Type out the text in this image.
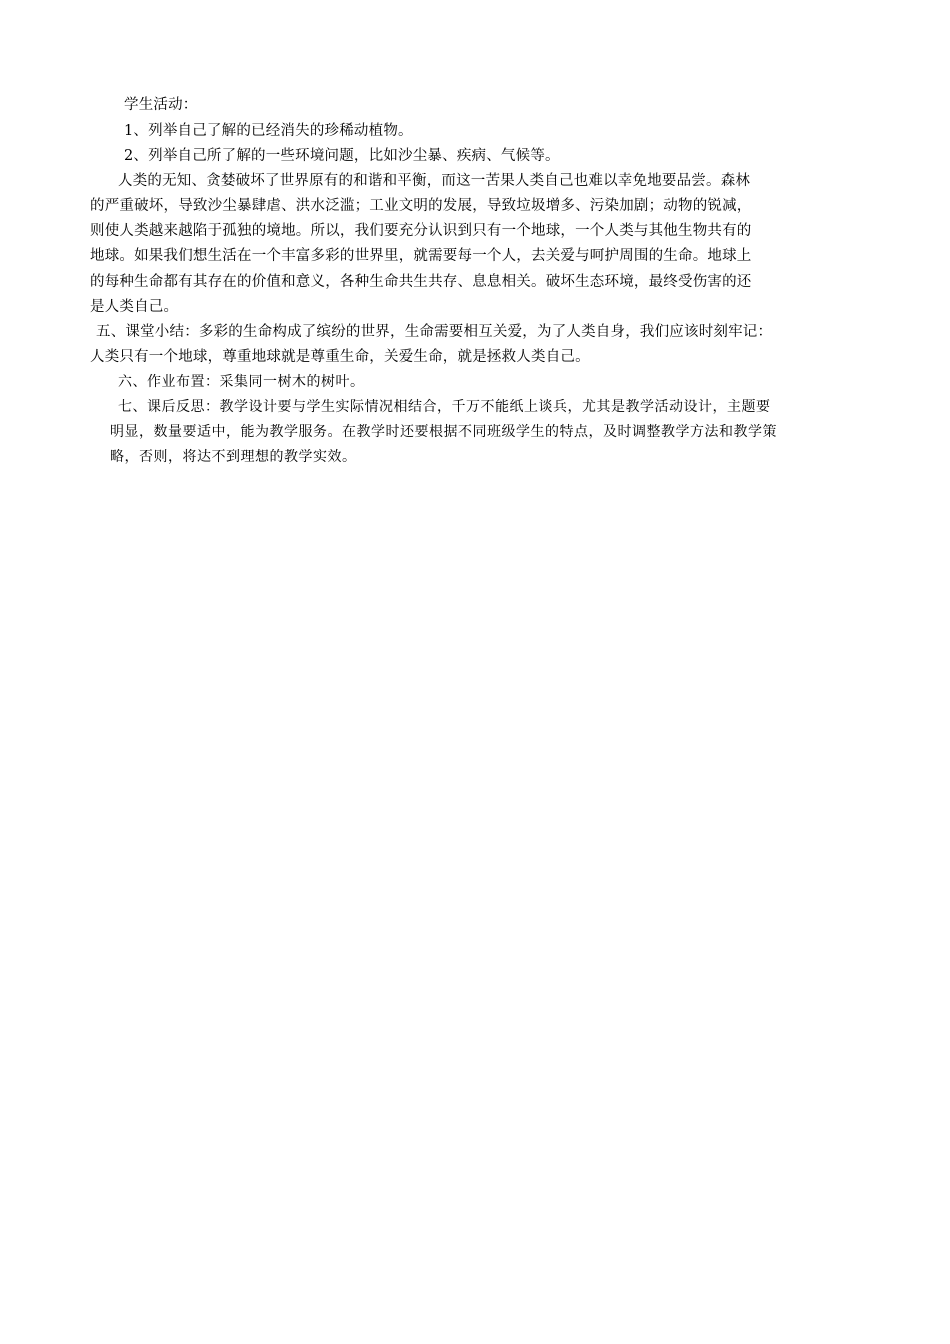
学生活动：
1、列举自己了解的已经消失的珍稀动植物。
2、列举自己所了解的一些环境问题，比如沙尘暴、疾病、气候等。
人类的无知、贪婪破坏了世界原有的和谐和平衡，而这一苦果人类自己也难以幸免地要品尝。森林
的严重破坏，导致沙尘暴肆虐、洪水泛滥；工业文明的发展，导致垃圾增多、污染加剧；动物的锐减，
则使人类越来越陷于孤独的境地。所以，我们要充分认识到只有一个地球，一个人类与其他生物共有的
地球。如果我们想生活在一个丰富多彩的世界里，就需要每一个人，去关爱与呵护周围的生命。地球上
的每种生命都有其存在的价值和意义，各种生命共生共存、息息相关。破坏生态环境，最终受伤害的还
是人类自己。
五、课堂小结：多彩的生命构成了缤纷的世界，生命需要相互关爱，为了人类自身，我们应该时刻牢记：
人类只有一个地球，尊重地球就是尊重生命，关爱生命，就是拯救人类自己。
六、作业布置：采集同一树木的树叶。
七、课后反思：教学设计要与学生实际情况相结合，千万不能纸上谈兵，尤其是教学活动设计，主题要
明显，数量要适中，能为教学服务。在教学时还要根据不同班级学生的特点，及时调整教学方法和教学策
略，否则，将达不到理想的教学实效。
